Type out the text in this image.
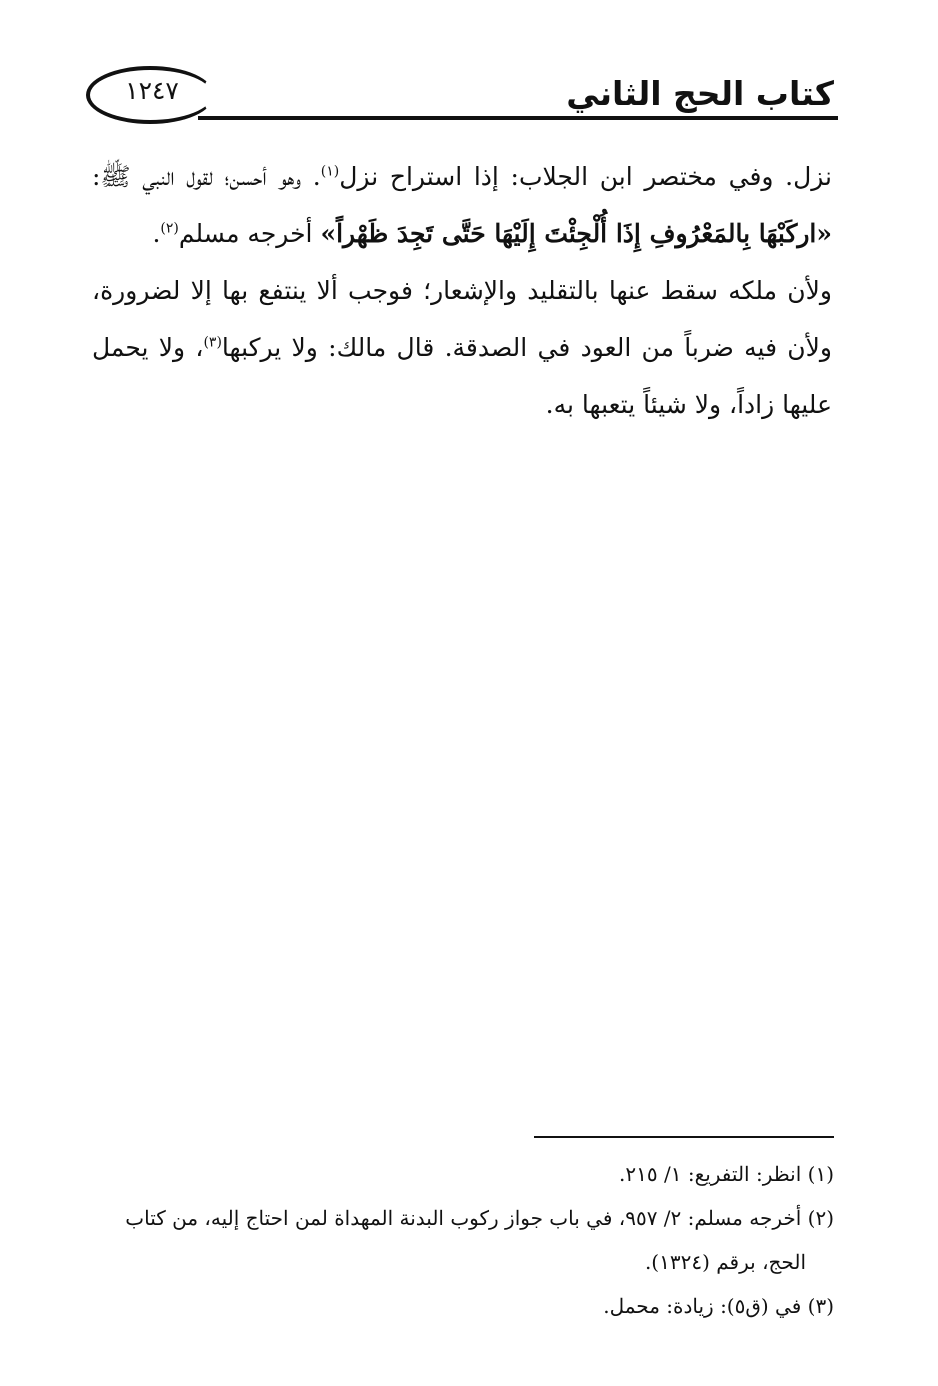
١٢٤٧	كتاب الحج الثاني

نزل. وفي مختصر ابن الجلاب: إذا استراح نزل$^{(١)}$. وهو أحسن؛ لقول النبي ﷺ: «اركَبْهَا بِالمَعْرُوفِ إِذَا أُلْجِئْتَ إِلَيْهَا حَتَّى تَجِدَ ظَهْراً» أخرجه مسلم$^{(٢)}$.

ولأن ملكه سقط عنها بالتقليد والإشعار؛ فوجب ألا ينتفع بها إلا لضرورة، ولأن فيه ضرباً من العود في الصدقة. قال مالك: ولا يركبها$^{(٣)}$، ولا يحمل عليها زاداً، ولا شيئاً يتعبها به.

(١) انظر: التفريع: ١/ ٢١٥.

(٢) أخرجه مسلم: ٢/ ٩٥٧، في باب جواز ركوب البدنة المهداة لمن احتاج إليه، من كتاب

الحج، برقم (١٣٢٤).

(٣) في (ق٥): زيادة: محمل.
